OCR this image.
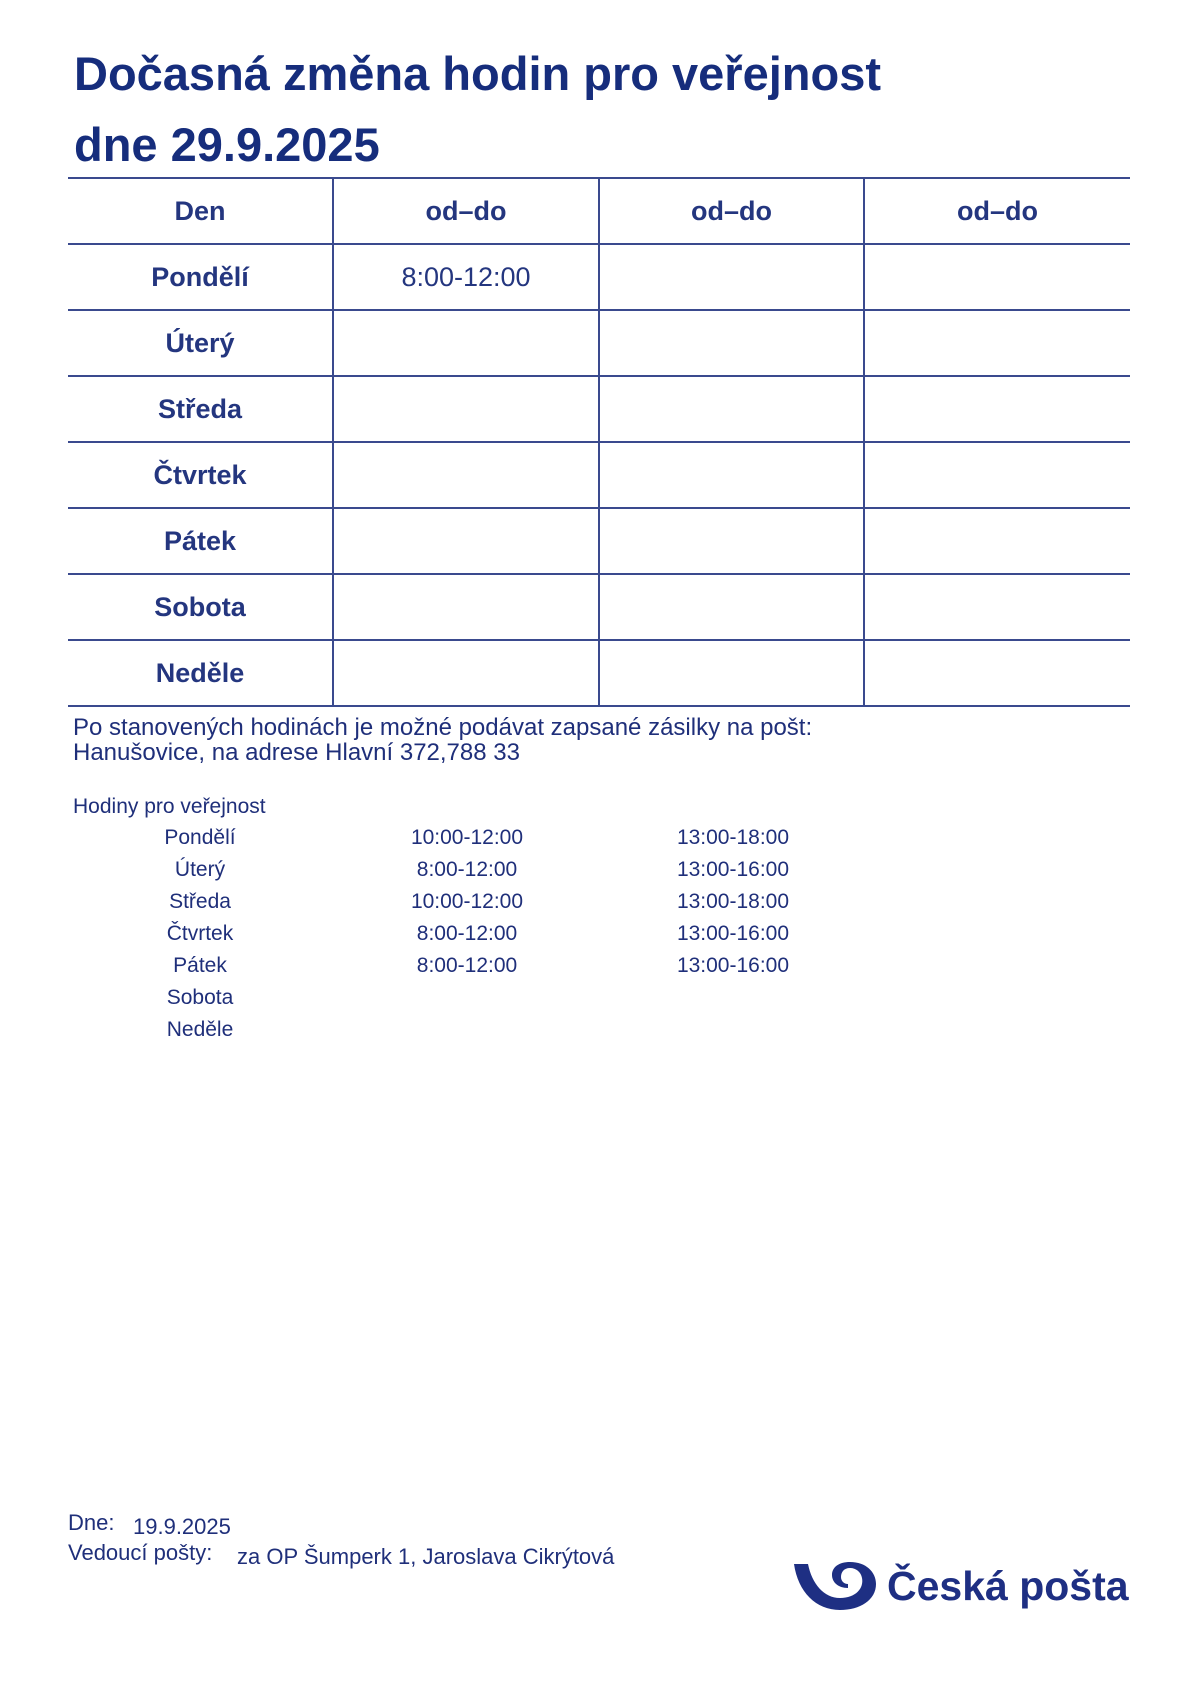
Dočasná změna hodin pro veřejnost
dne 29.9.2025
Den	od–do	od–do	od–do
Pondělí	8:00-12:00		
Úterý			
Středa			
Čtvrtek			
Pátek			
Sobota			
Neděle			
Po stanovených hodinách je možné podávat zapsané zásilky na pošt:
Hanušovice, na adrese Hlavní 372,788 33
Hodiny pro veřejnost
Pondělí	10:00-12:00	13:00-18:00
Úterý	8:00-12:00	13:00-16:00
Středa	10:00-12:00	13:00-18:00
Čtvrtek	8:00-12:00	13:00-16:00
Pátek	8:00-12:00	13:00-16:00
Sobota
Neděle
Dne: 19.9.2025
Vedoucí pošty: za OP Šumperk 1, Jaroslava Cikrýtová
Česká pošta
